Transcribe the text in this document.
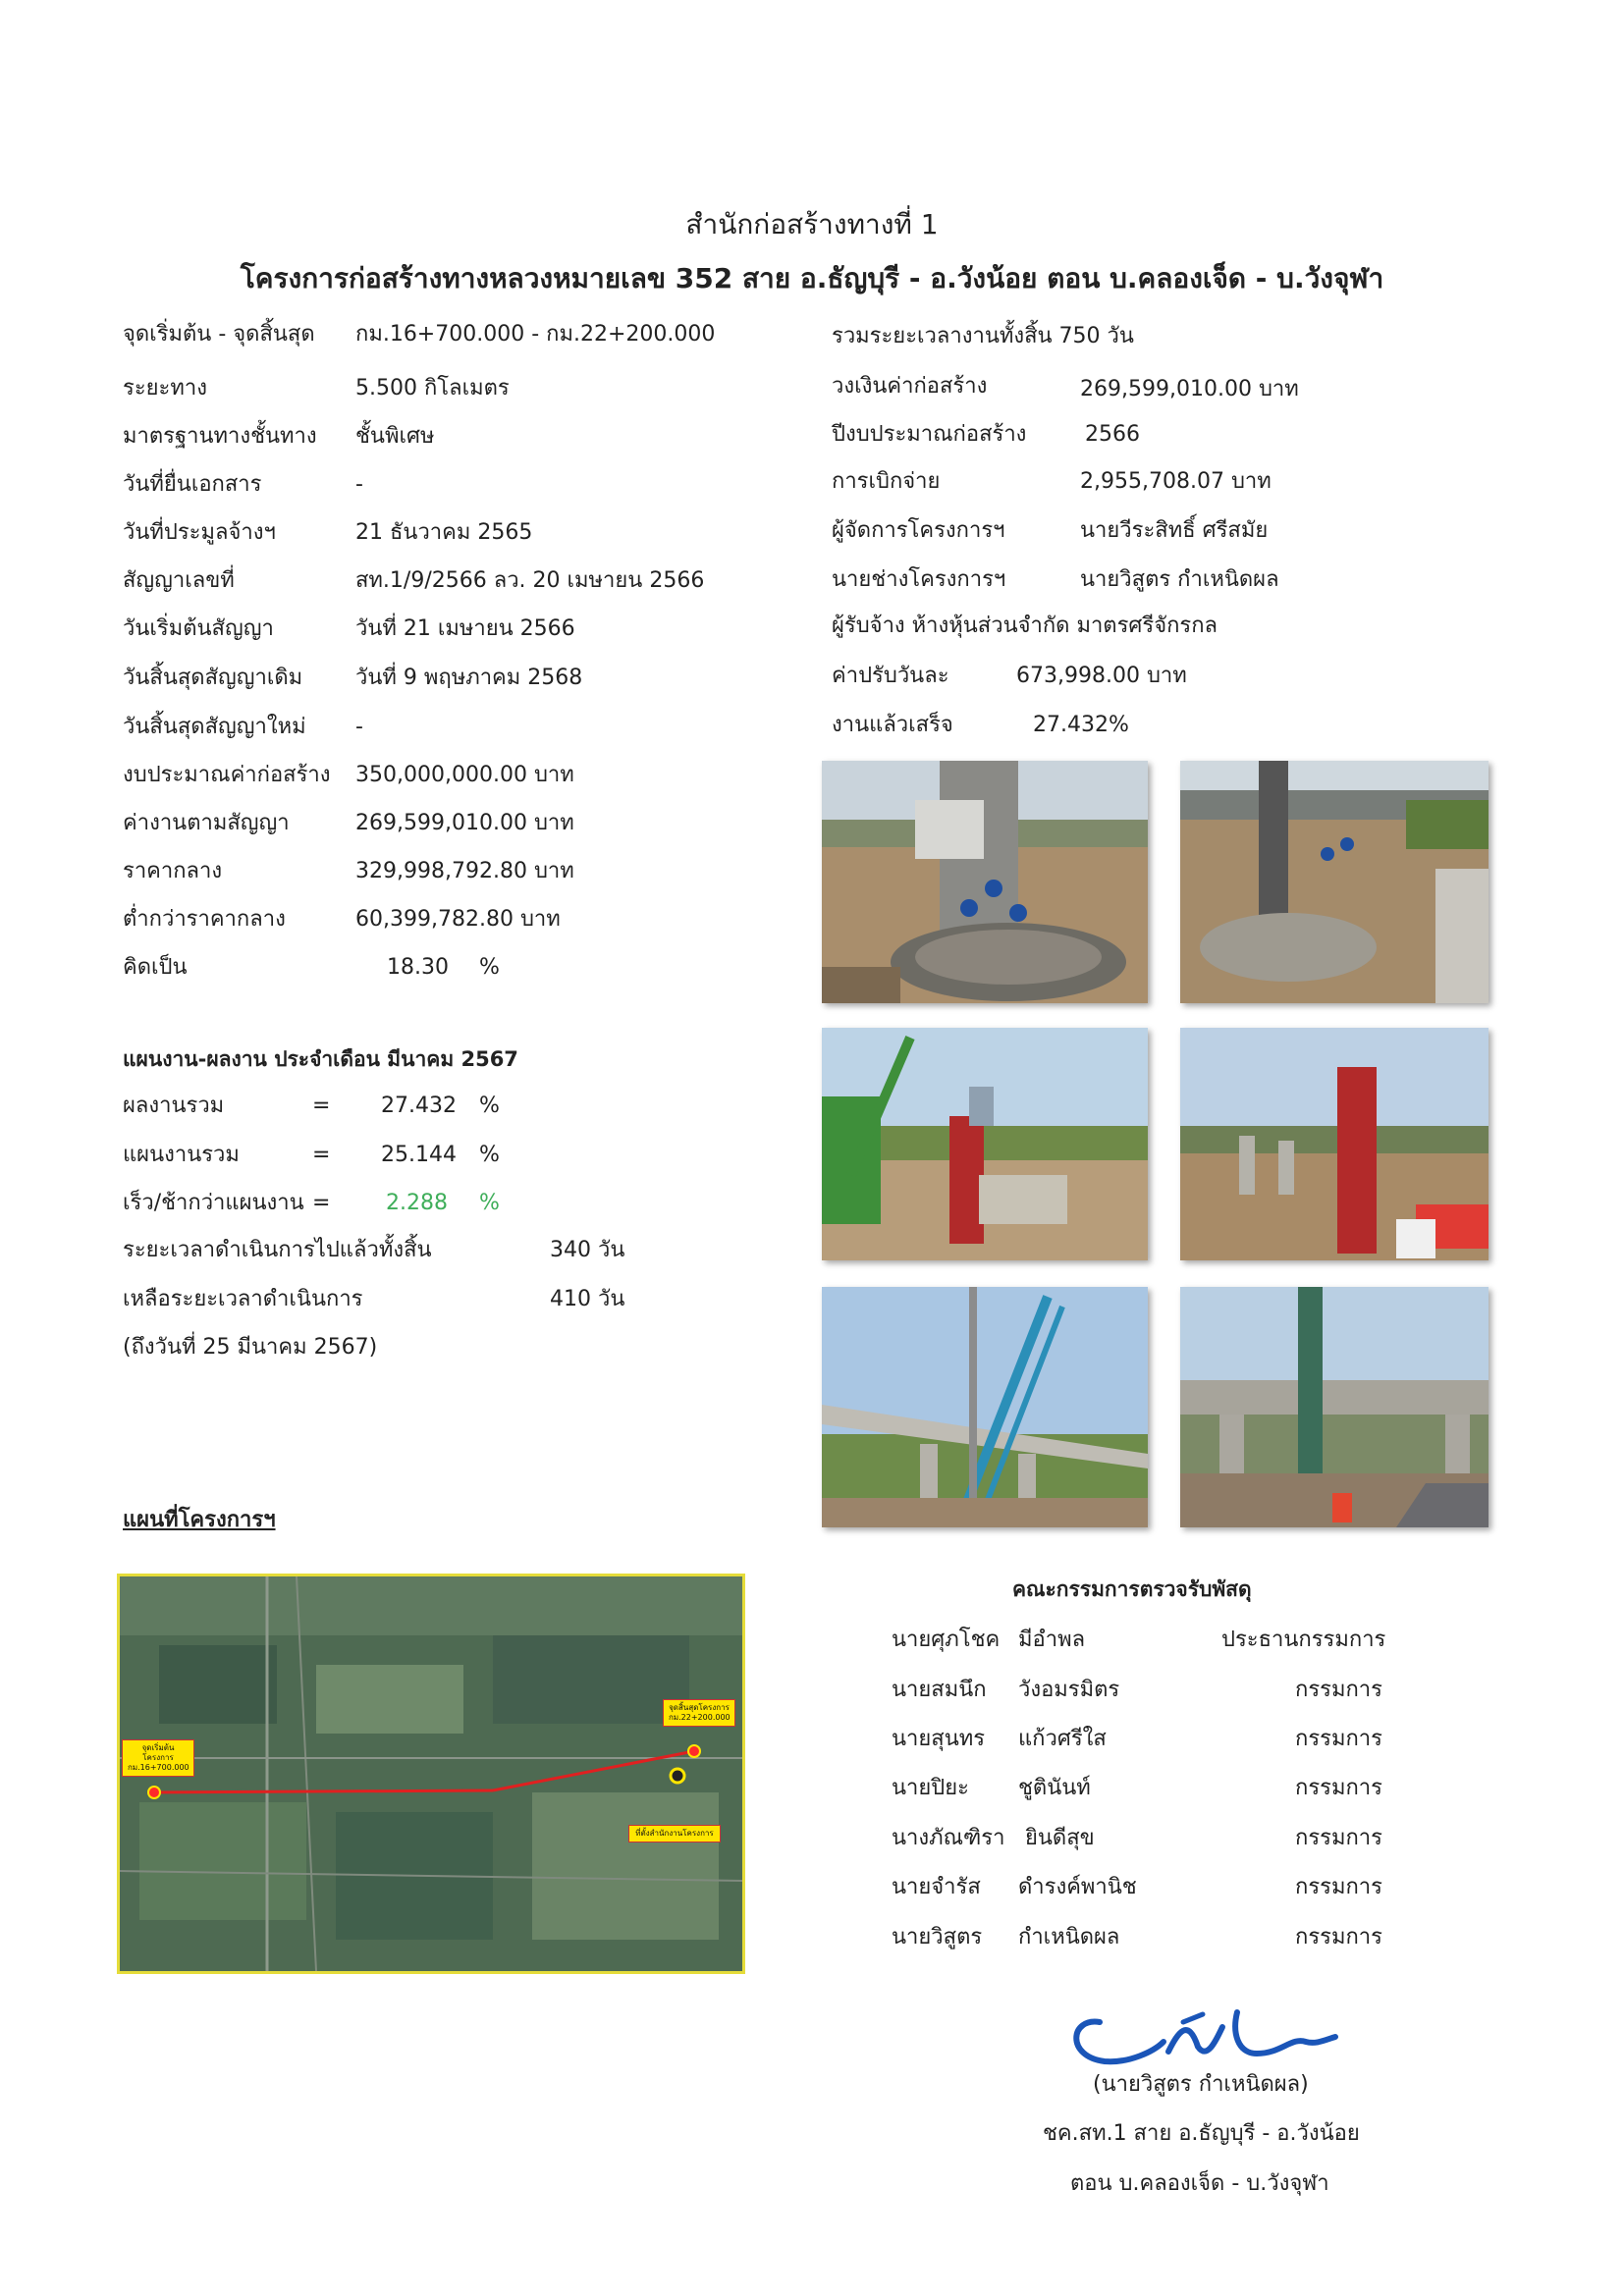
สำนักก่อสร้างทางที่ 1
โครงการก่อสร้างทางหลวงหมายเลข 352 สาย อ.ธัญบุรี - อ.วังน้อย ตอน บ.คลองเจ็ด - บ.วังจุฬา
จุดเริ่มต้น - จุดสิ้นสุด กม.16+700.000 - กม.22+200.000
ระยะทาง	5.500 กิโลเมตร
มาตรฐานทางชั้นทาง ชั้นพิเศษ
วันที่ยื่นเอกสาร	-
วันที่ประมูลจ้างฯ	21 ธันวาคม 2565
สัญญาเลขที่	สท.1/9/2566 ลว. 20 เมษายน 2566
วันเริ่มต้นสัญญา	วันที่ 21 เมษายน 2566
วันสิ้นสุดสัญญาเดิม วันที่ 9 พฤษภาคม 2568
วันสิ้นสุดสัญญาใหม่ -
งบประมาณค่าก่อสร้าง 350,000,000.00 บาท
ค่างานตามสัญญา	269,599,010.00 บาท
ราคากลาง	329,998,792.80 บาท
ต่ำกว่าราคากลาง	60,399,782.80 บาท
คิดเป็น	18.30 %
รวมระยะเวลางานทั้งสิ้น 750 วัน
วงเงินค่าก่อสร้าง	269,599,010.00 บาท
ปีงบประมาณก่อสร้าง	2566
การเบิกจ่าย	2,955,708.07 บาท
ผู้จัดการโครงการฯ	นายวีระสิทธิ์ ศรีสมัย
นายช่างโครงการฯ	นายวิสูตร กำเหนิดผล
ผู้รับจ้าง ห้างหุ้นส่วนจำกัด มาตรศรีจักรกล
ค่าปรับวันละ	673,998.00 บาท
งานแล้วเสร็จ	27.432%
แผนงาน-ผลงาน ประจำเดือน มีนาคม 2567
ผลงานรวม	= 27.432 %
แผนงานรวม	= 25.144 %
เร็ว/ช้ากว่าแผนงาน =	2.288 %
ระยะเวลาดำเนินการไปแล้วทั้งสิ้น	340 วัน
เหลือระยะเวลาดำเนินการ	410 วัน
(ถึงวันที่ 25 มีนาคม 2567)
แผนที่โครงการฯ
จุดเริ่มต้นโครงการ
กม.16+700.000
จุดสิ้นสุดโครงการ
กม.22+200.000
ที่ตั้งสำนักงานโครงการ
คณะกรรมการตรวจรับพัสดุ
นายศุภโชค มีอำพล	ประธานกรรมการ
นายสมนึก วังอมรมิตร	กรรมการ
นายสุนทร แก้วศรีใส	กรรมการ
นายปิยะ ชูตินันท์	กรรมการ
นางภัณฑิรา ยินดีสุข	กรรมการ
นายจำรัส ดำรงค์พานิช	กรรมการ
นายวิสูตร กำเหนิดผล	กรรมการ
(นายวิสูตร กำเหนิดผล)
ชค.สท.1 สาย อ.ธัญบุรี - อ.วังน้อย
ตอน บ.คลองเจ็ด - บ.วังจุฬา
